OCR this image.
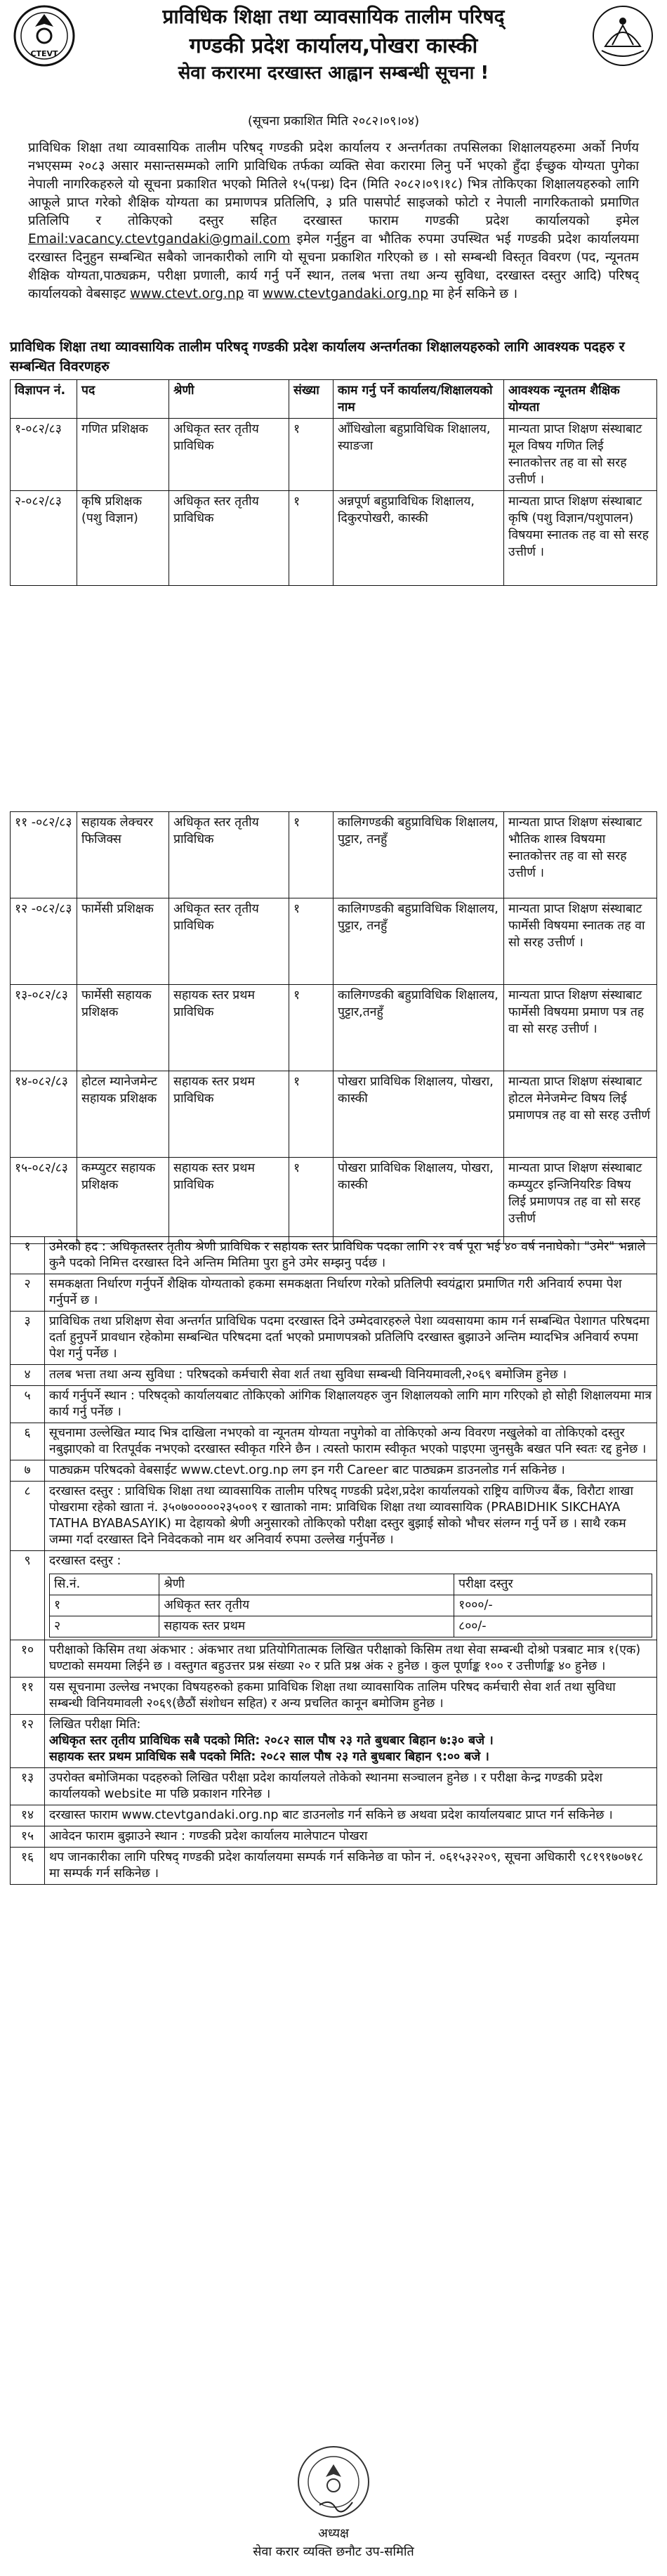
CTEVT
प्राविधिक शिक्षा तथा व्यावसायिक तालीम परिषद्
गण्डकी प्रदेश कार्यालय,पोखरा कास्की
सेवा करारमा दरखास्त आह्वान सम्बन्धी सूचना !
(सूचना प्रकाशित मिति २०८२।०९।०४)
प्राविधिक शिक्षा तथा व्यावसायिक तालीम परिषद् गण्डकी प्रदेश कार्यालय र अन्तर्गतका तपसिलका शिक्षालयहरुमा अर्को निर्णय नभएसम्म २०८३ असार मसान्तसम्मको लागि प्राविधिक तर्फका व्यक्ति सेवा करारमा लिनु पर्ने भएको हुँदा ईच्छुक योग्यता पुगेका नेपाली नागरिकहरुले यो सूचना प्रकाशित भएको मितिले १५(पन्ध्र) दिन (मिति २०८२।०९।१८) भित्र तोकिएका शिक्षालयहरुको लागि आफूले प्राप्त गरेको शैक्षिक योग्यता का प्रमाणपत्र प्रतिलिपि, ३ प्रति पासपोर्ट साइजको फोटो र नेपाली नागरिकताको प्रमाणित प्रतिलिपि र तोकिएको दस्तुर सहित दरखास्त फाराम गण्डकी प्रदेश कार्यालयको इमेल Email:vacancy.ctevtgandaki@gmail.com इमेल गर्नुहुन वा भौतिक रुपमा उपस्थित भई गण्डकी प्रदेश कार्यालयमा दरखास्त दिनुहुन सम्बन्धित सबैको जानकारीको लागि यो सूचना प्रकाशित गरिएको छ । सो सम्बन्धी विस्तृत विवरण (पद, न्यूनतम शैक्षिक योग्यता,पाठ्यक्रम, परीक्षा प्रणाली, कार्य गर्नु पर्ने स्थान, तलब भत्ता तथा अन्य सुविधा, दरखास्त दस्तुर आदि) परिषद् कार्यालयको वेबसाइट www.ctevt.org.np वा www.ctevtgandaki.org.np मा हेर्न सकिने छ ।
प्राविधिक शिक्षा तथा व्यावसायिक तालीम परिषद् गण्डकी प्रदेश कार्यालय अन्तर्गतका शिक्षालयहरुको लागि आवश्यक पदहरु र सम्बन्धित विवरणहरु
विज्ञापन नं.	पद	श्रेणी	संख्या	काम गर्नु पर्ने कार्यालय/शिक्षालयको नाम	आवश्यक न्यूनतम शैक्षिक योग्यता
१-०८२/८३	गणित प्रशिक्षक	अधिकृत स्तर तृतीय प्राविधिक	१	आँधिखोला बहुप्राविधिक शिक्षालय, स्याङजा	मान्यता प्राप्त शिक्षण संस्थाबाट मूल विषय गणित लिई स्नातकोत्तर तह वा सो सरह उत्तीर्ण ।
२-०८२/८३	कृषि प्रशिक्षक (पशु विज्ञान)	अधिकृत स्तर तृतीय प्राविधिक	१	अन्नपूर्ण बहुप्राविधिक शिक्षालय, दिकुरपोखरी, कास्की	मान्यता प्राप्त शिक्षण संस्थाबाट कृषि (पशु विज्ञान/पशुपालन) विषयमा स्नातक तह वा सो सरह उत्तीर्ण ।
११ -०८२/८३	सहायक लेक्चरर फिजिक्स	अधिकृत स्तर तृतीय प्राविधिक	१	कालिगण्डकी बहुप्राविधिक शिक्षालय, पुट्टार, तनहुँ	मान्यता प्राप्त शिक्षण संस्थाबाट भौतिक शास्त्र विषयमा स्नातकोत्तर तह वा सो सरह उत्तीर्ण ।
१२ -०८२/८३	फार्मेसी प्रशिक्षक	अधिकृत स्तर तृतीय प्राविधिक	१	कालिगण्डकी बहुप्राविधिक शिक्षालय, पुट्टार, तनहुँ	मान्यता प्राप्त शिक्षण संस्थाबाट फार्मेसी विषयमा स्नातक तह वा सो सरह उत्तीर्ण ।
१३-०८२/८३	फार्मेसी सहायक प्रशिक्षक	सहायक स्तर प्रथम प्राविधिक	१	कालिगण्डकी बहुप्राविधिक शिक्षालय, पुट्टार,तनहुँ	मान्यता प्राप्त शिक्षण संस्थाबाट फार्मेसी विषयमा प्रमाण पत्र तह वा सो सरह उत्तीर्ण ।
१४-०८२/८३	होटल म्यानेजमेन्ट सहायक प्रशिक्षक	सहायक स्तर प्रथम प्राविधिक	१	पोखरा प्राविधिक शिक्षालय, पोखरा, कास्की	मान्यता प्राप्त शिक्षण संस्थाबाट होटल मेनेजमेन्ट विषय लिई प्रमाणपत्र तह वा सो सरह उत्तीर्ण
१५-०८२/८३	कम्प्युटर सहायक प्रशिक्षक	सहायक स्तर प्रथम प्राविधिक	१	पोखरा प्राविधिक शिक्षालय, पोखरा, कास्की	मान्यता प्राप्त शिक्षण संस्थाबाट कम्प्युटर इन्जिनियरिङ विषय लिई प्रमाणपत्र तह वा सो सरह उत्तीर्ण
१	उमेरको हद : अधिकृतस्तर तृतीय श्रेणी प्राविधिक र सहायक स्तर प्राविधिक पदका लागि २१ वर्ष पूरा भई ४० वर्ष ननाघेको। "उमेर" भन्नाले कुनै पदको निमित्त दरखास्त दिने अन्तिम मितिमा पुरा हुने उमेर सम्झनु पर्दछ ।
२	समकक्षता निर्धारण गर्नुपर्ने शैक्षिक योग्यताको हकमा समकक्षता निर्धारण गरेको प्रतिलिपी स्वयंद्वारा प्रमाणित गरी अनिवार्य रुपमा पेश गर्नुपर्ने छ ।
३	प्राविधिक तथा प्रशिक्षण सेवा अन्तर्गत प्राविधिक पदमा दरखास्त दिने उम्मेदवारहरुले पेशा व्यवसायमा काम गर्न सम्बन्धित पेशागत परिषदमा दर्ता हुनुपर्ने प्रावधान रहेकोमा सम्बन्धित परिषदमा दर्ता भएको प्रमाणपत्रको प्रतिलिपि दरखास्त बुझाउने अन्तिम म्यादभित्र अनिवार्य रुपमा पेश गर्नु पर्नेछ ।
४	तलब भत्ता तथा अन्य सुविधा : परिषदको कर्मचारी सेवा शर्त तथा सुविधा सम्बन्धी विनियमावली,२०६९ बमोजिम हुनेछ ।
५	कार्य गर्नुपर्ने स्थान : परिषद्को कार्यालयबाट तोकिएको आंगिक शिक्षालयहरु जुन शिक्षालयको लागि माग गरिएको हो सोही शिक्षालयमा मात्र कार्य गर्नु पर्नेछ ।
६	सूचनामा उल्लेखित म्याद भित्र दाखिला नभएको वा न्यूनतम योग्यता नपुगेको वा तोकिएको अन्य विवरण नखुलेको वा तोकिएको दस्तुर नबुझाएको वा रितपूर्वक नभएको दरखास्त स्वीकृत गरिने छैन । त्यस्तो फाराम स्वीकृत भएको पाइएमा जुनसुकै बखत पनि स्वतः रद्द हुनेछ ।
७	पाठ्यक्रम परिषदको वेबसाईट www.ctevt.org.np लग इन गरी Career बाट पाठ्यक्रम डाउनलोड गर्न सकिनेछ ।
८	दरखास्त दस्तुर : प्राविधिक शिक्षा तथा व्यावसायिक तालीम परिषद् गण्डकी प्रदेश,प्रदेश कार्यालयको राष्ट्रिय वाणिज्य बैंक, विरौटा शाखा पोखरामा रहेको खाता नं. ३५०७०००००२३५००९ र खाताको नाम: प्राविधिक शिक्षा तथा व्यावसायिक (PRABIDHIK SIKCHAYA TATHA BYABASAYIK) मा देहायको श्रेणी अनुसारको तोकिएको परीक्षा दस्तुर बुझाई सोको भौचर संलग्न गर्नु पर्ने छ । साथै रकम जम्मा गर्दा दरखास्त दिने निवेदकको नाम थर अनिवार्य रुपमा उल्लेख गर्नुपर्नेछ ।
९	दरखास्त दस्तुर :
सि.नं.	श्रेणी	परीक्षा दस्तुर
१	अधिकृत स्तर तृतीय	१०००/-
२	सहायक स्तर प्रथम	८००/-

१०	परीक्षाको किसिम तथा अंकभार : अंकभार तथा प्रतियोगितात्मक लिखित परीक्षाको किसिम तथा सेवा सम्बन्धी दोश्रो पत्रबाट मात्र १(एक) घण्टाको समयमा लिईने छ । वस्तुगत बहुउत्तर प्रश्न संख्या २० र प्रति प्रश्न अंक २ हुनेछ । कुल पूर्णाङ्क १०० र उत्तीर्णाङ्क ४० हुनेछ ।
११	यस सूचनामा उल्लेख नभएका विषयहरुको हकमा प्राविधिक शिक्षा तथा व्यावसायिक तालिम परिषद कर्मचारी सेवा शर्त तथा सुविधा सम्बन्धी विनियमावली २०६९(छैठौं संशोधन सहित) र अन्य प्रचलित कानून बमोजिम हुनेछ ।
१२	लिखित परीक्षा मिति:
अधिकृत स्तर तृतीय प्राविधिक सबै पदको मिति: २०८२ साल पौष २३ गते बुधबार बिहान ७:३० बजे ।
सहायक स्तर प्रथम प्राविधिक सबै पदको मिति: २०८२ साल पौष २३ गते बुधबार बिहान ९:०० बजे ।

१३	उपरोक्त बमोजिमका पदहरुको लिखित परीक्षा प्रदेश कार्यालयले तोकेको स्थानमा सञ्चालन हुनेछ । र परीक्षा केन्द्र गण्डकी प्रदेश कार्यालयको website मा पछि प्रकाशन गरिनेछ ।
१४	दरखास्त फाराम www.ctevtgandaki.org.np बाट डाउनलोड गर्न सकिने छ अथवा प्रदेश कार्यालयबाट प्राप्त गर्न सकिनेछ ।
१५	आवेदन फाराम बुझाउने स्थान : गण्डकी प्रदेश कार्यालय मालेपाटन पोखरा
१६	थप जानकारीका लागि परिषद् गण्डकी प्रदेश कार्यालयमा सम्पर्क गर्न सकिनेछ वा फोन नं. ०६१५३२२०९, सूचना अधिकारी ९८१९१७०७१८ मा सम्पर्क गर्न सकिनेछ ।
अध्यक्ष
सेवा करार व्यक्ति छनौट उप-समिति
